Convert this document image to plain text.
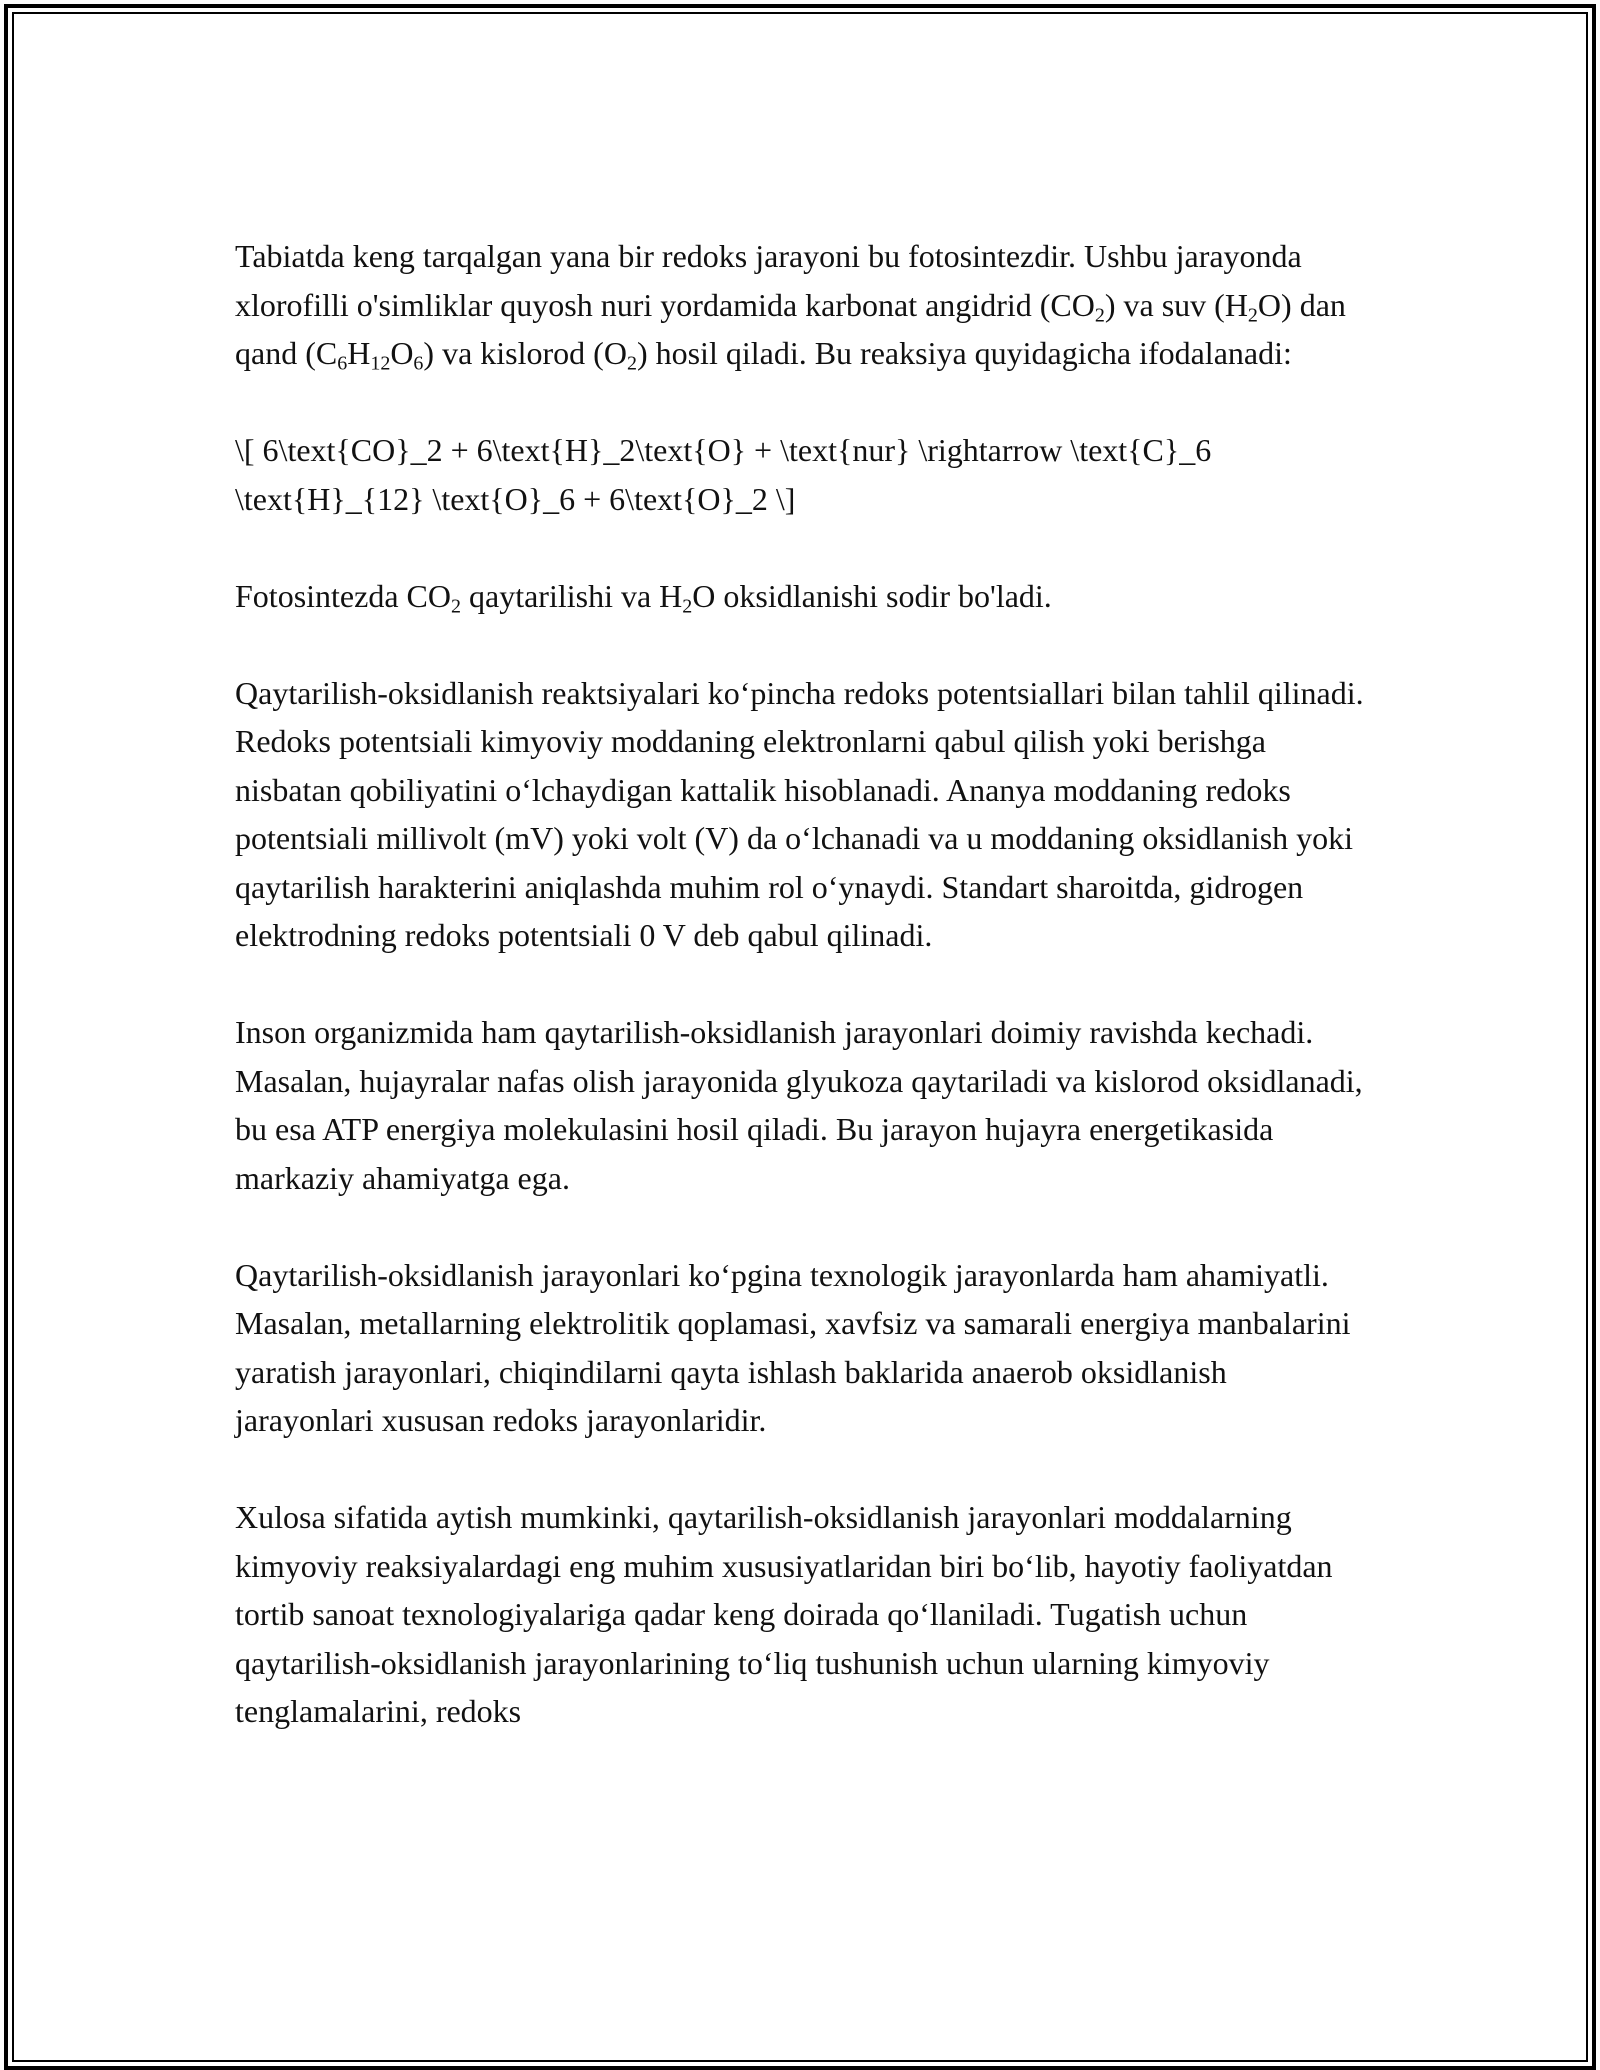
Tabiatda keng tarqalgan yana bir redoks jarayoni bu fotosintezdir. Ushbu jarayonda xlorofilli o'simliklar quyosh nuri yordamida karbonat angidrid $(CO_2)$ va suv $(H_2O)$ dan qand $(C_6H_{12}O_6)$ va kislorod $(O_2)$ hosil qiladi. Bu reaksiya quyidagicha ifodalanadi:

\[ 6\text{CO}_2 + 6\text{H}_2\text{O} + \text{nur} \rightarrow \text{C}_6 \text{H}_{12} \text{O}_6 + 6\text{O}_2 \]

Fotosintezda $CO_2$ qaytarilishi va $H_2O$ oksidlanishi sodir bo'ladi.

Qaytarilish-oksidlanish reaktsiyalari ko‘pincha redoks potentsiallari bilan tahlil qilinadi. Redoks potentsiali kimyoviy moddaning elektronlarni qabul qilish yoki berishga nisbatan qobiliyatini o‘lchaydigan kattalik hisoblanadi. Ananya moddaning redoks potentsiali millivolt (mV) yoki volt (V) da o‘lchanadi va u moddaning oksidlanish yoki qaytarilish harakterini aniqlashda muhim rol o‘ynaydi. Standart sharoitda, gidrogen elektrodning redoks potentsiali 0 V deb qabul qilinadi.

Inson organizmida ham qaytarilish-oksidlanish jarayonlari doimiy ravishda kechadi. Masalan, hujayralar nafas olish jarayonida glyukoza qaytariladi va kislorod oksidlanadi, bu esa ATP energiya molekulasini hosil qiladi. Bu jarayon hujayra energetikasida markaziy ahamiyatga ega.

Qaytarilish-oksidlanish jarayonlari ko‘pgina texnologik jarayonlarda ham ahamiyatli. Masalan, metallarning elektrolitik qoplamasi, xavfsiz va samarali energiya manbalarini yaratish jarayonlari, chiqindilarni qayta ishlash baklarida anaerob oksidlanish jarayonlari xususan redoks jarayonlaridir.

Xulosa sifatida aytish mumkinki, qaytarilish-oksidlanish jarayonlari moddalarning kimyoviy reaksiyalardagi eng muhim xususiyatlaridan biri bo‘lib, hayotiy faoliyatdan tortib sanoat texnologiyalariga qadar keng doirada qo‘llaniladi. Tugatish uchun qaytarilish-oksidlanish jarayonlarining to‘liq tushunish uchun ularning kimyoviy tenglamalarini, redoks
